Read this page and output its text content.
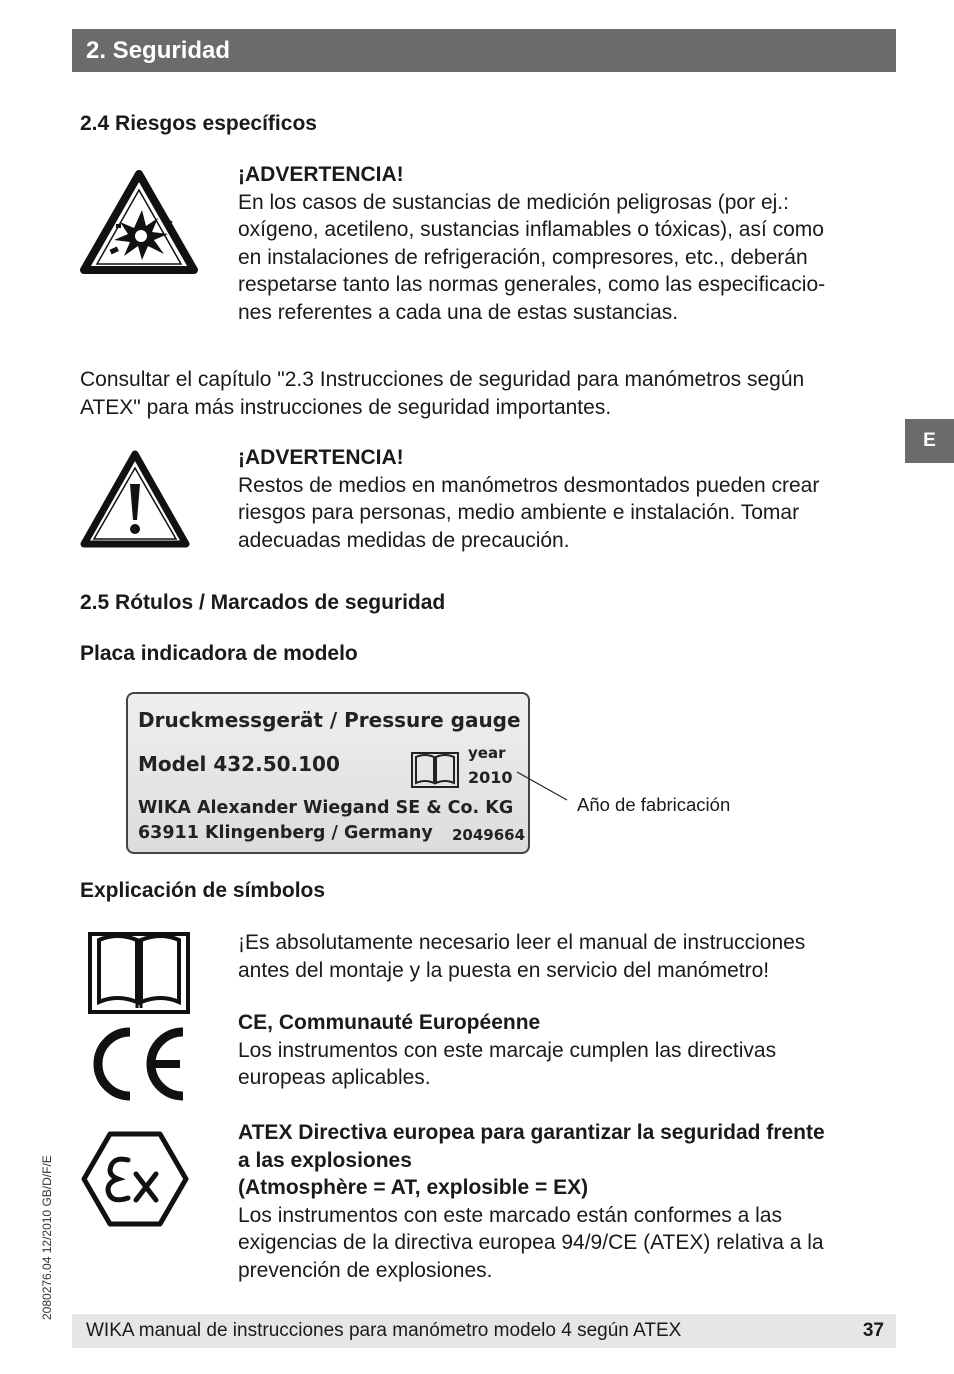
2. Seguridad
E
2.4 Riesgos específicos
¡ADVERTENCIA!
En los casos de sustancias de medición peligrosas (por ej.:
oxígeno, acetileno, sustancias inflamables o tóxicas), así como
en instalaciones de refrigeración, compresores, etc., deberán
respetarse tanto las normas generales, como las especificacio-
nes referentes a cada una de estas sustancias.
Consultar el capítulo "2.3 Instrucciones de seguridad para manómetros según
ATEX" para más instrucciones de seguridad importantes.
¡ADVERTENCIA!
Restos de medios en manómetros desmontados pueden crear
riesgos para personas, medio ambiente e instalación. Tomar
adecuadas medidas de precaución.
2.5 Rótulos / Marcados de seguridad
Placa indicadora de modelo
Druckmessgerät / Pressure gauge
Model 432.50.100	year
2010
WIKA Alexander Wiegand SE & Co. KG
63911 Klingenberg / Germany 2049664
Año de fabricación
Explicación de símbolos
¡Es absolutamente necesario leer el manual de instrucciones
antes del montaje y la puesta en servicio del manómetro!
CE, Communauté Européenne
Los instrumentos con este marcaje cumplen las directivas
europeas aplicables.
ATEX Directiva europea para garantizar la seguridad frente
a las explosiones
(Atmosphère = AT, explosible = EX)
Los instrumentos con este marcado están conformes a las
exigencias de la directiva europea 94/9/CE (ATEX) relativa a la
prevención de explosiones.
2080276.04 12/2010 GB/D/F/E
WIKA manual de instrucciones para manómetro modelo 4 según ATEX	37
